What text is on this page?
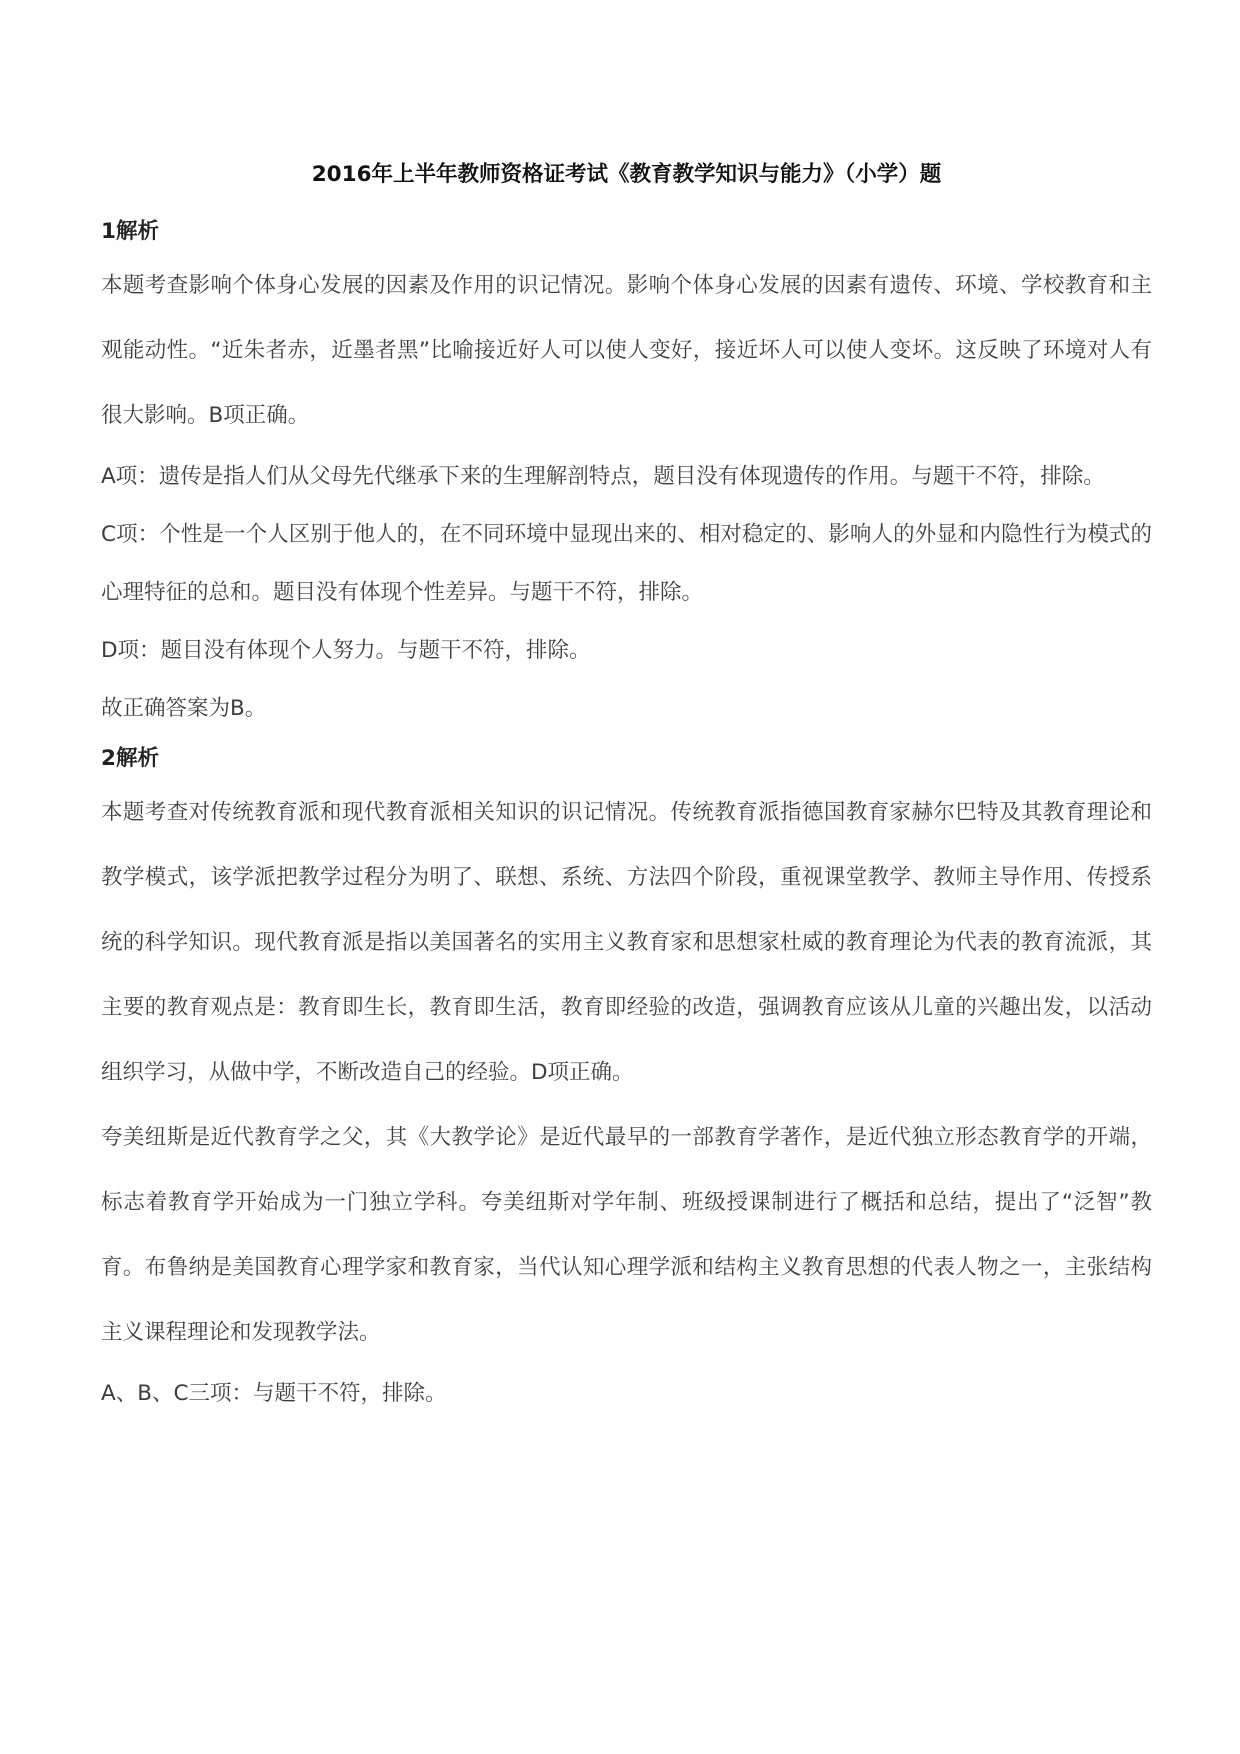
2016年上半年教师资格证考试《教育教学知识与能力》（小学）题
1解析

本题考查影响个体身心发展的因素及作用的识记情况。影响个体身心发展的因素有遗传、环境、学校教育和主观能动性。“近朱者赤，近墨者黑”比喻接近好人可以使人变好，接近坏人可以使人变坏。这反映了环境对人有很大影响。B项正确。

A项：遗传是指人们从父母先代继承下来的生理解剖特点，题目没有体现遗传的作用。与题干不符，排除。

C项：个性是一个人区别于他人的，在不同环境中显现出来的、相对稳定的、影响人的外显和内隐性行为模式的心理特征的总和。题目没有体现个性差异。与题干不符，排除。

D项：题目没有体现个人努力。与题干不符，排除。

故正确答案为B。

2解析

本题考查对传统教育派和现代教育派相关知识的识记情况。传统教育派指德国教育家赫尔巴特及其教育理论和教学模式，该学派把教学过程分为明了、联想、系统、方法四个阶段，重视课堂教学、教师主导作用、传授系统的科学知识。现代教育派是指以美国著名的实用主义教育家和思想家杜威的教育理论为代表的教育流派，其主要的教育观点是：教育即生长，教育即生活，教育即经验的改造，强调教育应该从儿童的兴趣出发，以活动组织学习，从做中学，不断改造自己的经验。D项正确。

夸美纽斯是近代教育学之父，其《大教学论》是近代最早的一部教育学著作，是近代独立形态教育学的开端，标志着教育学开始成为一门独立学科。夸美纽斯对学年制、班级授课制进行了概括和总结，提出了“泛智”教育。布鲁纳是美国教育心理学家和教育家，当代认知心理学派和结构主义教育思想的代表人物之一，主张结构主义课程理论和发现教学法。

A、B、C三项：与题干不符，排除。
